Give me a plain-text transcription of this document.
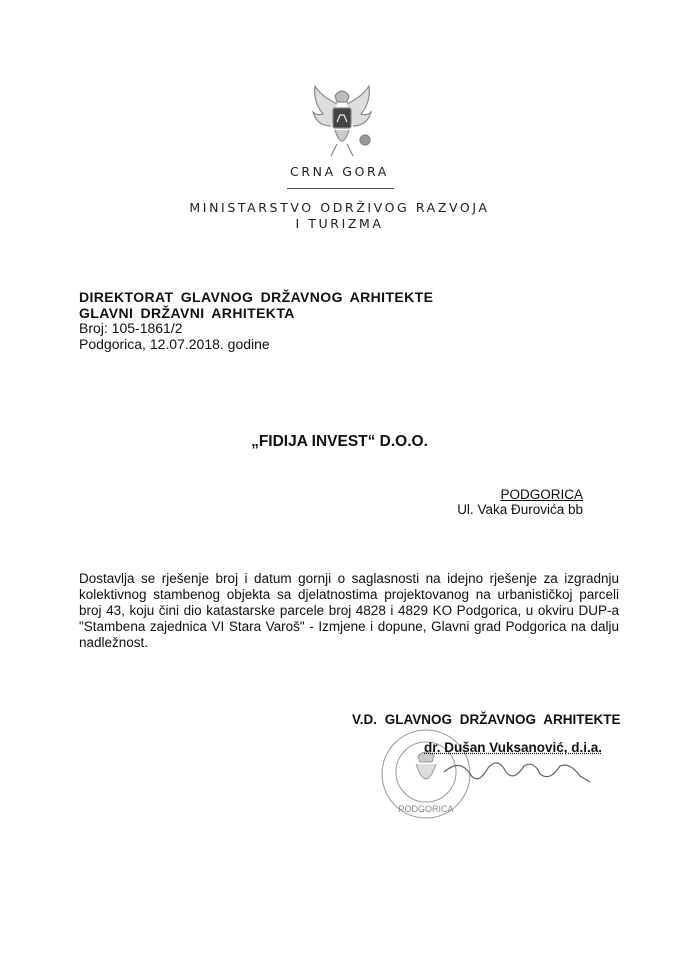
CRNA GORA
MINISTARSTVO ODRŽIVOG RAZVOJA
I TURIZMA
DIREKTORAT GLAVNOG DRŽAVNOG ARHITEKTE
GLAVNI DRŽAVNI ARHITEKTA
Broj: 105-1861/2
Podgorica, 12.07.2018. godine
„FIDIJA INVEST“ D.O.O.
PODGORICA
Ul. Vaka Đurovića bb
Dostavlja se rješenje broj i datum gornji o saglasnosti na idejno rješenje za izgradnju kolektivnog stambenog objekta sa djelatnostima projektovanog na urbanističkoj parceli broj 43, koju čini dio katastarske parcele broj 4828 i 4829 KO Podgorica, u okviru DUP-a "Stambena zajednica VI Stara Varoš" - Izmjene i dopune, Glavni grad Podgorica na dalju nadležnost.
PODGORICA
V.D. GLAVNOG DRŽAVNOG ARHITEKTE
dr. Dušan Vuksanović, d.i.a.
